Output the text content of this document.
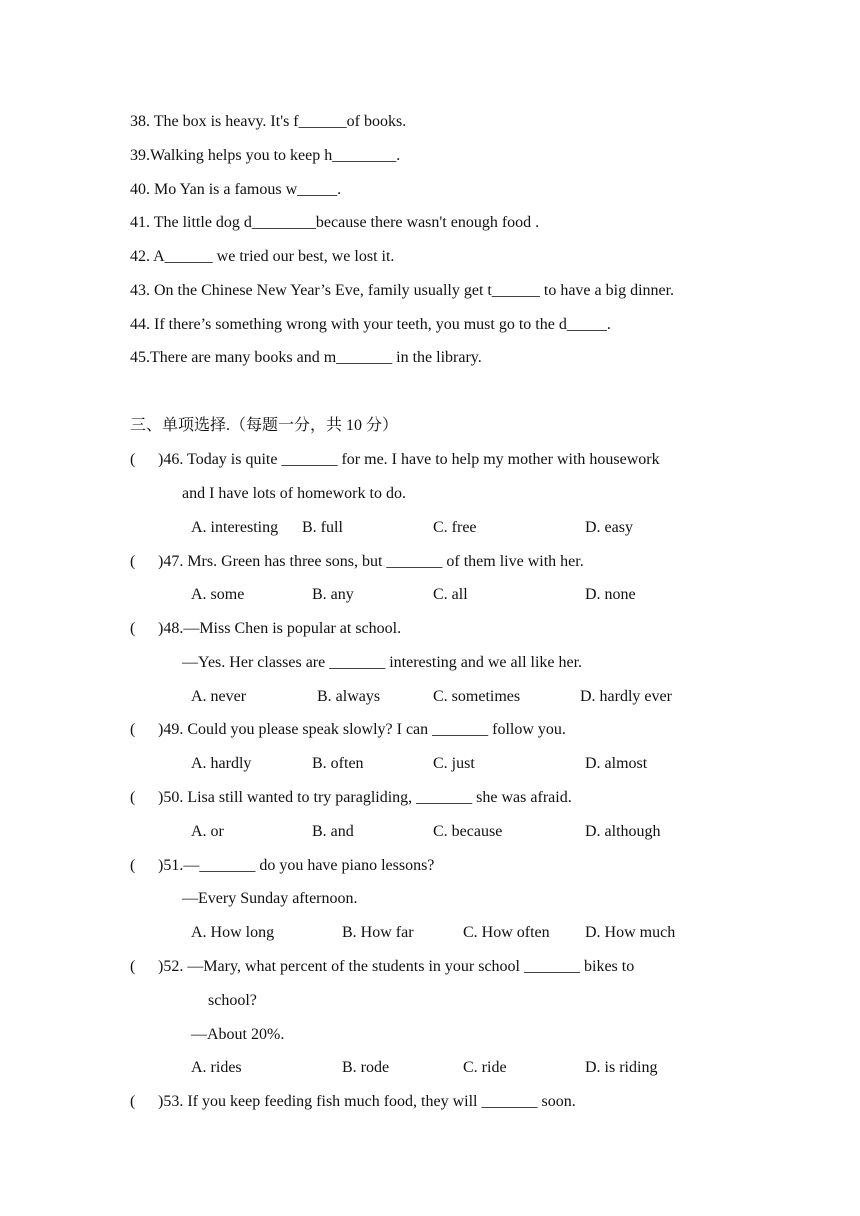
38. The box is heavy. It's f______of books.
39.Walking helps you to keep h________.
40. Mo Yan is a famous w_____.
41. The little dog d________because there wasn't enough food .
42. A______ we tried our best, we lost it.
43. On the Chinese New Year’s Eve, family usually get t______ to have a big dinner.
44. If there’s something wrong with your teeth, you must go to the d_____.
45.There are many books and m_______ in the library.
三、单项选择.（每题一分，共 10 分）
( )46. Today is quite _______ for me. I have to help my mother with housework
and I have lots of homework to do.
A. interesting B. full	C. free	D. easy
( )47. Mrs. Green has three sons, but _______ of them live with her.
A. some	B. any	C. all	D. none
( )48.—Miss Chen is popular at school.
—Yes. Her classes are _______ interesting and we all like her.
A. never	B. always	C. sometimes	D. hardly ever
( )49. Could you please speak slowly? I can _______ follow you.
A. hardly	B. often	C. just	D. almost
( )50. Lisa still wanted to try paragliding, _______ she was afraid.
A. or	B. and	C. because	D. although
( )51.—_______ do you have piano lessons?
—Every Sunday afternoon.
A. How long	B. How far	C. How often D. How much
( )52. —Mary, what percent of the students in your school _______ bikes to
school?
—About 20%.
A. rides	B. rode	C. ride	D. is riding
( )53. If you keep feeding fish much food, they will _______ soon.
